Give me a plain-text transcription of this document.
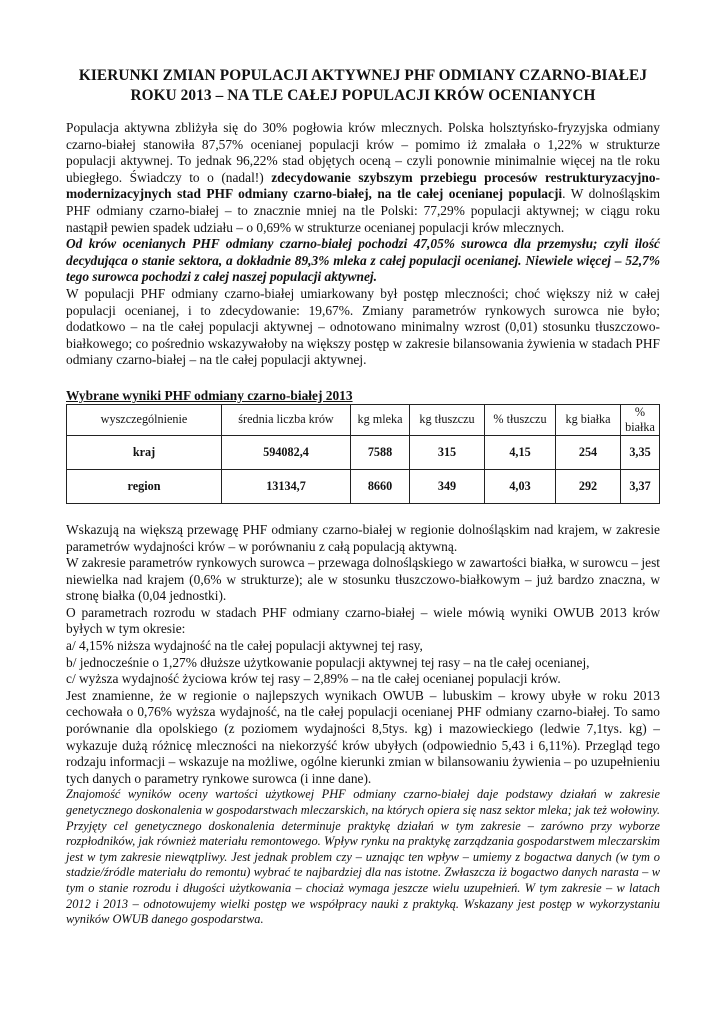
KIERUNKI ZMIAN POPULACJI AKTYWNEJ PHF ODMIANY CZARNO-BIAŁEJ ROKU 2013 – NA TLE CAŁEJ POPULACJI KRÓW OCENIANYCH

Populacja aktywna zbliżyła się do 30% pogłowia krów mlecznych. Polska holsztyńsko-fryzyjska odmiany czarno-białej stanowiła 87,57% ocenianej populacji krów – pomimo iż zmalała o 1,22% w strukturze populacji aktywnej. To jednak 96,22% stad objętych oceną – czyli ponownie minimalnie więcej na tle roku ubiegłego. Świadczy to o (nadal!) zdecydowanie szybszym przebiegu procesów restrukturyzacyjno-modernizacyjnych stad PHF odmiany czarno-białej, na tle całej ocenianej populacji. W dolnośląskim PHF odmiany czarno-białej – to znacznie mniej na tle Polski: 77,29% populacji aktywnej; w ciągu roku nastąpił pewien spadek udziału – o 0,69% w strukturze ocenianej populacji krów mlecznych.

Od krów ocenianych PHF odmiany czarno-białej pochodzi 47,05% surowca dla przemysłu; czyli ilość decydująca o stanie sektora, a dokładnie 89,3% mleka z całej populacji ocenianej. Niewiele więcej – 52,7% tego surowca pochodzi z całej naszej populacji aktywnej.

W populacji PHF odmiany czarno-białej umiarkowany był postęp mleczności; choć większy niż w całej populacji ocenianej, i to zdecydowanie: 19,67%. Zmiany parametrów rynkowych surowca nie było; dodatkowo – na tle całej populacji aktywnej – odnotowano minimalny wzrost (0,01) stosunku tłuszczowo-białkowego; co pośrednio wskazywałoby na większy postęp w zakresie bilansowania żywienia w stadach PHF odmiany czarno-białej – na tle całej populacji aktywnej.

Wybrane wyniki PHF odmiany czarno-białej 2013

wyszczególnienie	średnia liczba krów	kg mleka	kg tłuszczu	% tłuszczu	kg białka	% białka
kraj	594082,4	7588	315	4,15	254	3,35
region	13134,7	8660	349	4,03	292	3,37

Wskazują na większą przewagę PHF odmiany czarno-białej w regionie dolnośląskim nad krajem, w zakresie parametrów wydajności krów – w porównaniu z całą populacją aktywną.

W zakresie parametrów rynkowych surowca – przewaga dolnośląskiego w zawartości białka, w surowcu – jest niewielka nad krajem (0,6% w strukturze); ale w stosunku tłuszczowo-białkowym – już bardzo znaczna, w stronę białka (0,04 jednostki).

O parametrach rozrodu w stadach PHF odmiany czarno-białej – wiele mówią wyniki OWUB 2013 krów byłych w tym okresie:

a/ 4,15% niższa wydajność na tle całej populacji aktywnej tej rasy,

b/ jednocześnie o 1,27% dłuższe użytkowanie populacji aktywnej tej rasy – na tle całej ocenianej,

c/ wyższa wydajność życiowa krów tej rasy – 2,89% – na tle całej ocenianej populacji krów.

Jest znamienne, że w regionie o najlepszych wynikach OWUB – lubuskim – krowy ubyłe w roku 2013 cechowała o 0,76% wyższa wydajność, na tle całej populacji ocenianej PHF odmiany czarno-białej. To samo porównanie dla opolskiego (z poziomem wydajności 8,5tys. kg) i mazowieckiego (ledwie 7,1tys. kg) – wykazuje dużą różnicę mleczności na niekorzyść krów ubyłych (odpowiednio 5,43 i 6,11%). Przegląd tego rodzaju informacji – wskazuje na możliwe, ogólne kierunki zmian w bilansowaniu żywienia – po uzupełnieniu tych danych o parametry rynkowe surowca (i inne dane).

Znajomość wyników oceny wartości użytkowej PHF odmiany czarno-białej daje podstawy działań w zakresie genetycznego doskonalenia w gospodarstwach mleczarskich, na których opiera się nasz sektor mleka; jak też wołowiny. Przyjęty cel genetycznego doskonalenia determinuje praktykę działań w tym zakresie – zarówno przy wyborze rozpłodników, jak również materiału remontowego. Wpływ rynku na praktykę zarządzania gospodarstwem mleczarskim jest w tym zakresie niewątpliwy. Jest jednak problem czy – uznając ten wpływ – umiemy z bogactwa danych (w tym o stadzie/źródle materiału do remontu) wybrać te najbardziej dla nas istotne. Zwłaszcza iż bogactwo danych narasta – w tym o stanie rozrodu i długości użytkowania – chociaż wymaga jeszcze wielu uzupełnień. W tym zakresie – w latach 2012 i 2013 – odnotowujemy wielki postęp we współpracy nauki z praktyką. Wskazany jest postęp w wykorzystaniu wyników OWUB danego gospodarstwa.
